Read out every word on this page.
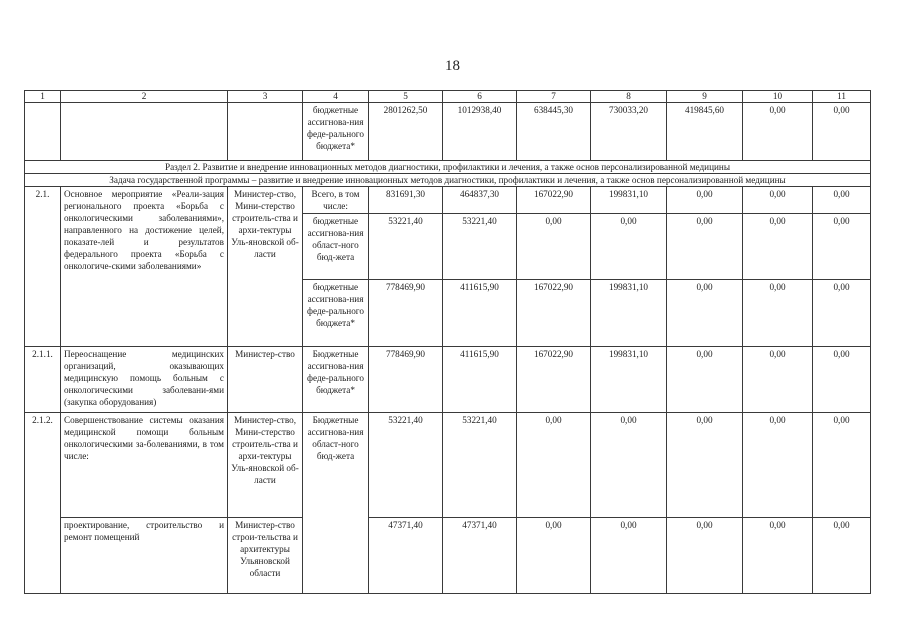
18
1	2	3	4	5	6	7	8	9	10	11
			бюджетные ассигнова-ния феде-рального бюджета*	2801262,50	1012938,40	638445,30	730033,20	419845,60	0,00	0,00
Раздел 2. Развитие и внедрение инновационных методов диагностики, профилактики и лечения, а также основ персонализированной медицины										
Задача государственной программы – развитие и внедрение инновационных методов диагностики, профилактики и лечения, а также основ персонализированной медицины										
2.1.	Основное мероприятие «Реали-зация регионального проекта «Борьба с онкологическими заболеваниями», направленного на достижение целей, показате-лей и результатов федерального проекта «Борьба с онкологиче-скими заболеваниями»	Министер-ство, Мини-стерство строитель-ства и архи-тектуры Уль-яновской об-ласти	Всего, в том числе:	831691,30	464837,30	167022,90	199831,10	0,00	0,00	0,00
			бюджетные ассигнова-ния област-ного бюд-жета	53221,40	53221,40	0,00	0,00	0,00	0,00	0,00
			бюджетные ассигнова-ния феде-рального бюджета*	778469,90	411615,90	167022,90	199831,10	0,00	0,00	0,00
2.1.1.	Переоснащение медицинских организаций, оказывающих медицинскую помощь больным с онкологическими заболевани-ями (закупка оборудования)	Министер-ство	Бюджетные ассигнова-ния феде-рального бюджета*	778469,90	411615,90	167022,90	199831,10	0,00	0,00	0,00
2.1.2.	Совершенствование системы оказания медицинской помощи больным онкологическими за-болеваниями, в том числе:	Министер-ство, Мини-стерство строитель-ства и архи-тектуры Уль-яновской об-ласти	Бюджетные ассигнова-ния област-ного бюд-жета	53221,40	53221,40	0,00	0,00	0,00	0,00	0,00
	проектирование, строительство и ремонт помещений	Министер-ство строи-тельства и архитектуры Ульяновской области		47371,40	47371,40	0,00	0,00	0,00	0,00	0,00
